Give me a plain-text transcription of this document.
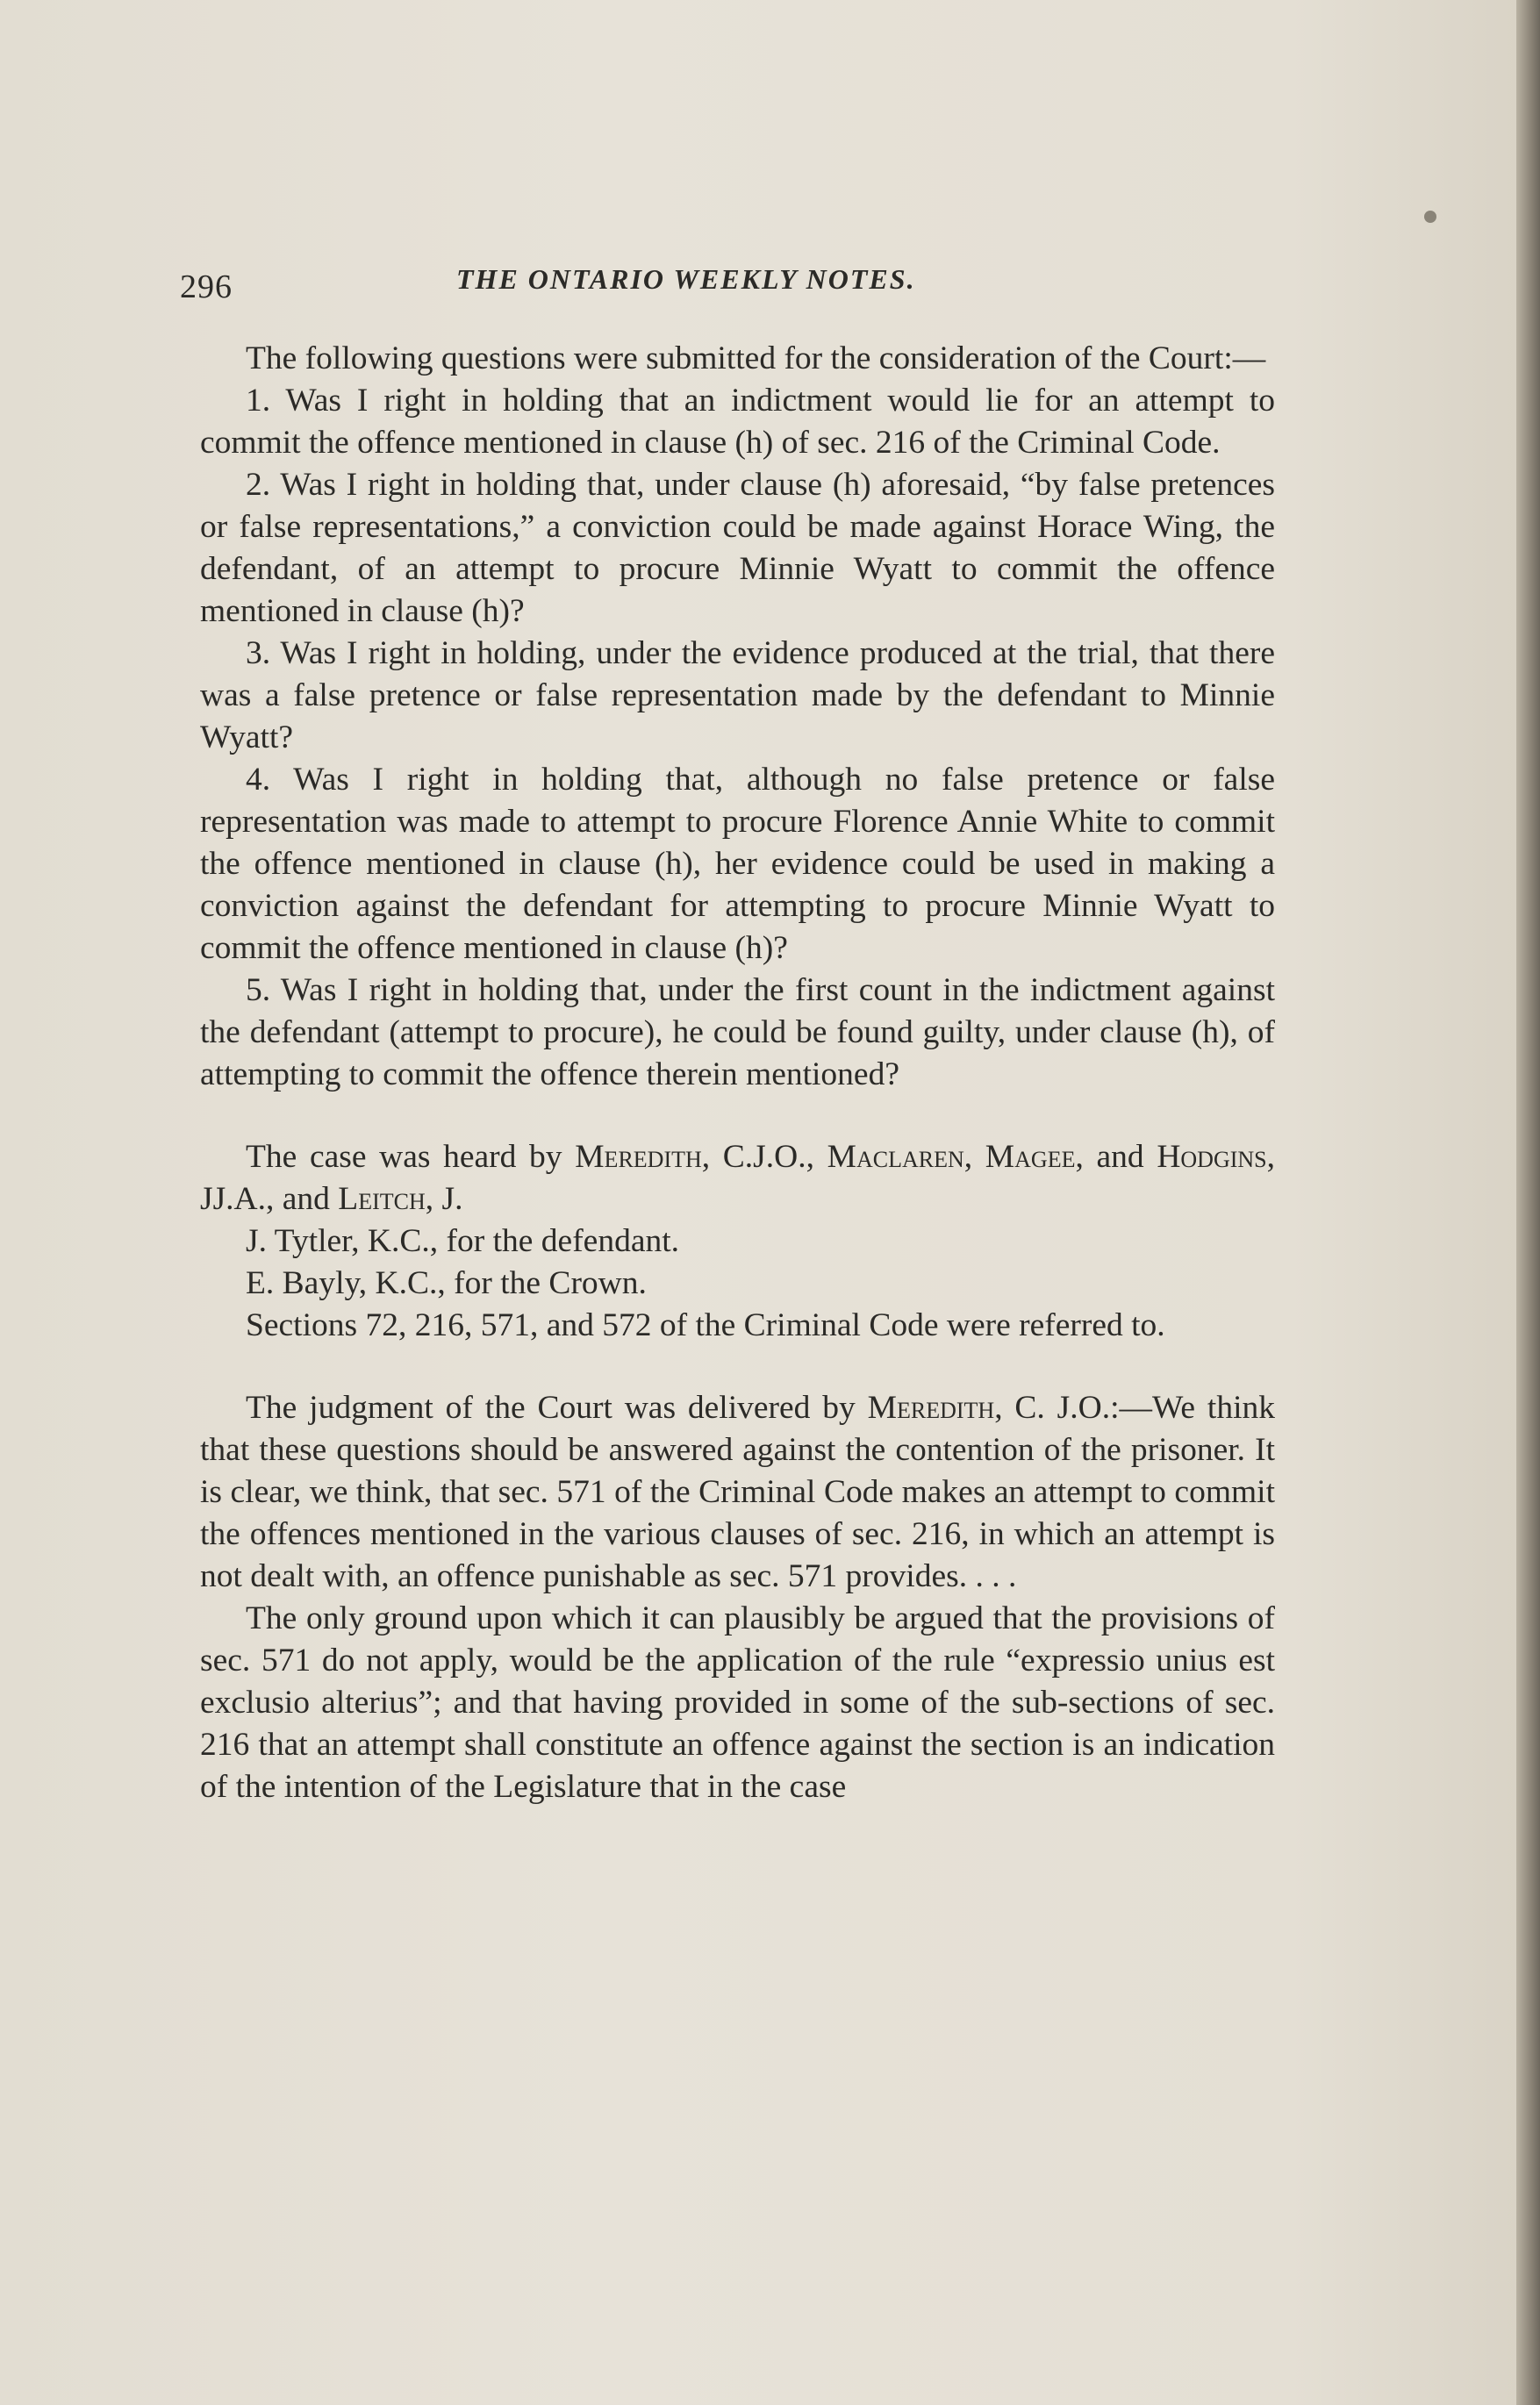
296	THE ONTARIO WEEKLY NOTES.

The following questions were submitted for the consideration of the Court:—

1. Was I right in holding that an indictment would lie for an attempt to commit the offence mentioned in clause (h) of sec. 216 of the Criminal Code.

2. Was I right in holding that, under clause (h) aforesaid, “by false pretences or false representations,” a conviction could be made against Horace Wing, the defendant, of an attempt to procure Minnie Wyatt to commit the offence mentioned in clause (h)?

3. Was I right in holding, under the evidence produced at the trial, that there was a false pretence or false representation made by the defendant to Minnie Wyatt?

4. Was I right in holding that, although no false pretence or false representation was made to attempt to procure Florence Annie White to commit the offence mentioned in clause (h), her evidence could be used in making a conviction against the defendant for attempting to procure Minnie Wyatt to commit the offence mentioned in clause (h)?

5. Was I right in holding that, under the first count in the indictment against the defendant (attempt to procure), he could be found guilty, under clause (h), of attempting to commit the offence therein mentioned?

The case was heard by Meredith, C.J.O., Maclaren, Magee, and Hodgins, JJ.A., and Leitch, J.

J. Tytler, K.C., for the defendant.

E. Bayly, K.C., for the Crown.

Sections 72, 216, 571, and 572 of the Criminal Code were referred to.

The judgment of the Court was delivered by Meredith, C. J.O.:—We think that these questions should be answered against the contention of the prisoner. It is clear, we think, that sec. 571 of the Criminal Code makes an attempt to commit the offences mentioned in the various clauses of sec. 216, in which an attempt is not dealt with, an offence punishable as sec. 571 provides. . . .

The only ground upon which it can plausibly be argued that the provisions of sec. 571 do not apply, would be the application of the rule “expressio unius est exclusio alterius”; and that having provided in some of the sub-sections of sec. 216 that an attempt shall constitute an offence against the section is an indication of the intention of the Legislature that in the case
